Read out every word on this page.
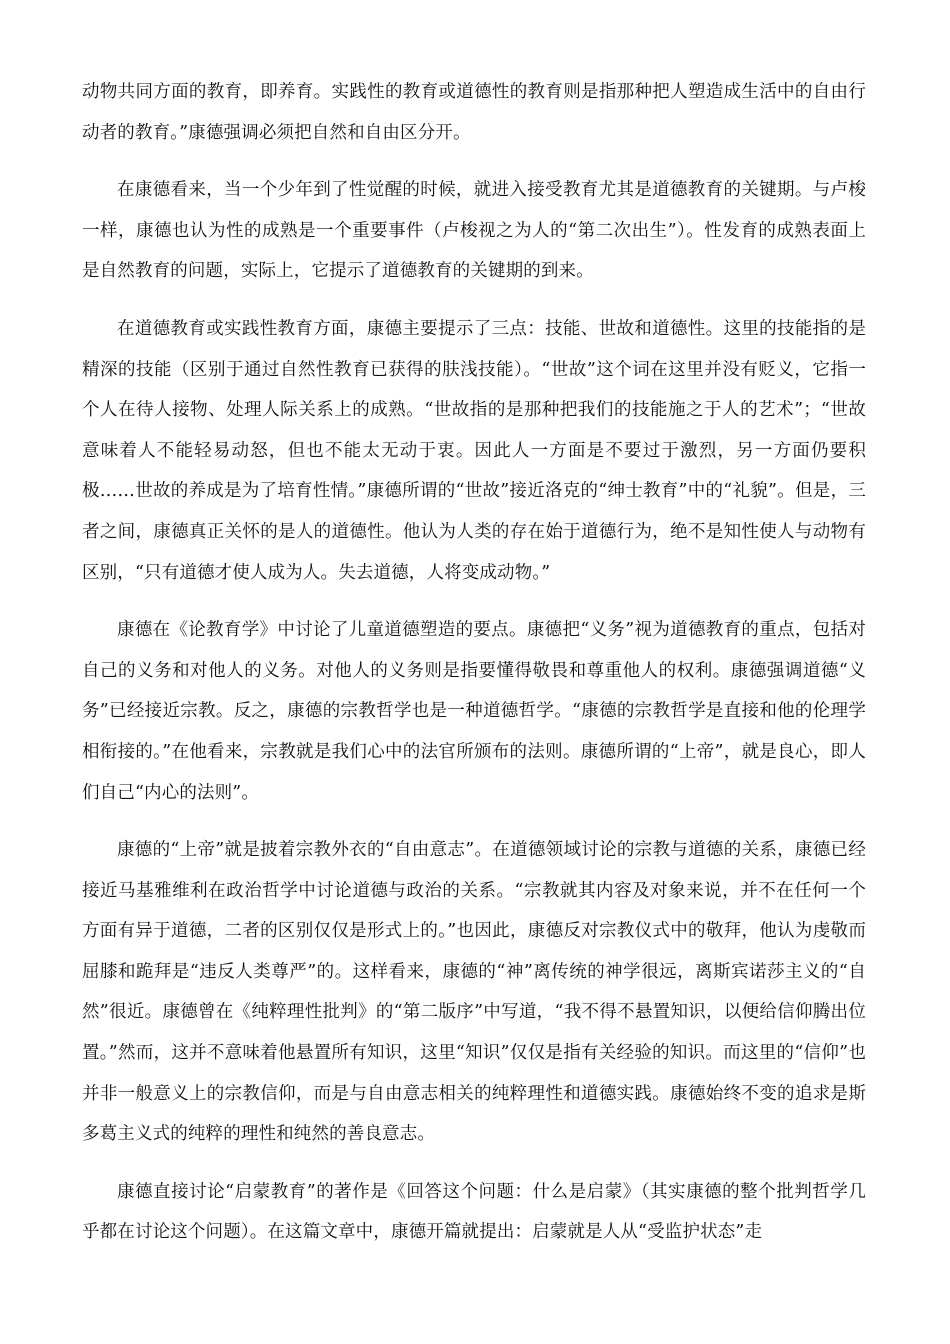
动物共同方面的教育，即养育。实践性的教育或道德性的教育则是指那种把人塑造成生活中的自由行动者的教育。”康德强调必须把自然和自由区分开。

在康德看来，当一个少年到了性觉醒的时候，就进入接受教育尤其是道德教育的关键期。与卢梭一样，康德也认为性的成熟是一个重要事件（卢梭视之为人的“第二次出生”）。性发育的成熟表面上是自然教育的问题，实际上，它提示了道德教育的关键期的到来。

在道德教育或实践性教育方面，康德主要提示了三点：技能、世故和道德性。这里的技能指的是精深的技能（区别于通过自然性教育已获得的肤浅技能）。“世故”这个词在这里并没有贬义，它指一个人在待人接物、处理人际关系上的成熟。“世故指的是那种把我们的技能施之于人的艺术”；“世故意味着人不能轻易动怒，但也不能太无动于衷。因此人一方面是不要过于激烈，另一方面仍要积极……世故的养成是为了培育性情。”康德所谓的“世故”接近洛克的“绅士教育”中的“礼貌”。但是，三者之间，康德真正关怀的是人的道德性。他认为人类的存在始于道德行为，绝不是知性使人与动物有区别，“只有道德才使人成为人。失去道德，人将变成动物。”

康德在《论教育学》中讨论了儿童道德塑造的要点。康德把“义务”视为道德教育的重点，包括对自己的义务和对他人的义务。对他人的义务则是指要懂得敬畏和尊重他人的权利。康德强调道德“义务”已经接近宗教。反之，康德的宗教哲学也是一种道德哲学。“康德的宗教哲学是直接和他的伦理学相衔接的。”在他看来，宗教就是我们心中的法官所颁布的法则。康德所谓的“上帝”，就是良心，即人们自己“内心的法则”。

康德的“上帝”就是披着宗教外衣的“自由意志”。在道德领域讨论的宗教与道德的关系，康德已经接近马基雅维利在政治哲学中讨论道德与政治的关系。“宗教就其内容及对象来说，并不在任何一个方面有异于道德，二者的区别仅仅是形式上的。”也因此，康德反对宗教仪式中的敬拜，他认为虔敬而屈膝和跪拜是“违反人类尊严”的。这样看来，康德的“神”离传统的神学很远，离斯宾诺莎主义的“自然”很近。康德曾在《纯粹理性批判》的“第二版序”中写道，“我不得不悬置知识，以便给信仰腾出位置。”然而，这并不意味着他悬置所有知识，这里“知识”仅仅是指有关经验的知识。而这里的“信仰”也并非一般意义上的宗教信仰，而是与自由意志相关的纯粹理性和道德实践。康德始终不变的追求是斯多葛主义式的纯粹的理性和纯然的善良意志。

康德直接讨论“启蒙教育”的著作是《回答这个问题：什么是启蒙》（其实康德的整个批判哲学几乎都在讨论这个问题）。在这篇文章中，康德开篇就提出：启蒙就是人从“受监护状态”走
